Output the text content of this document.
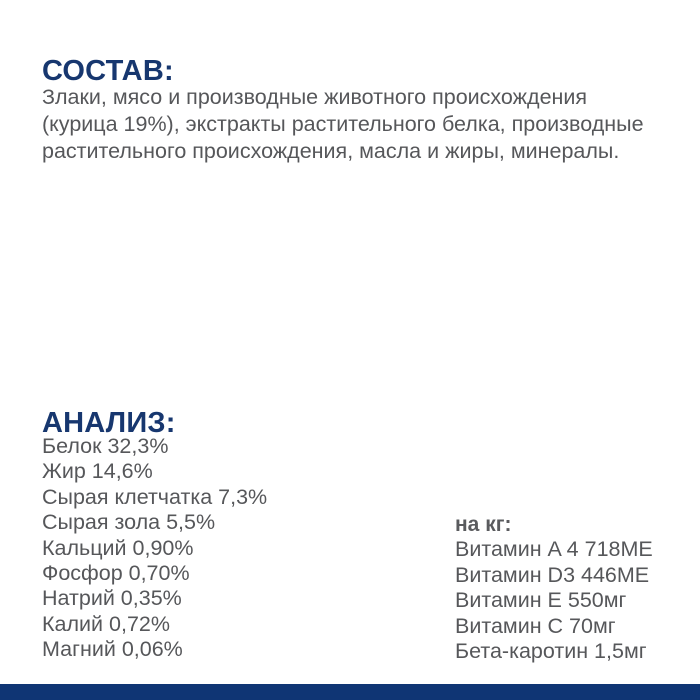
СОСТАВ:
Злаки, мясо и производные животного происхождения
(курица 19%), экстракты растительного белка, производные
растительного происхождения, масла и жиры, минералы.
АНАЛИЗ:
Белок 32,3%
Жир 14,6%
Сырая клетчатка 7,3%
Сырая зола 5,5%
Кальций 0,90%
Фосфор 0,70%
Натрий 0,35%
Калий 0,72%
Магний 0,06%
на кг:
Витамин A 4 718МЕ
Витамин D3 446МЕ
Витамин E 550мг
Витамин C 70мг
Бета-каротин 1,5мг
